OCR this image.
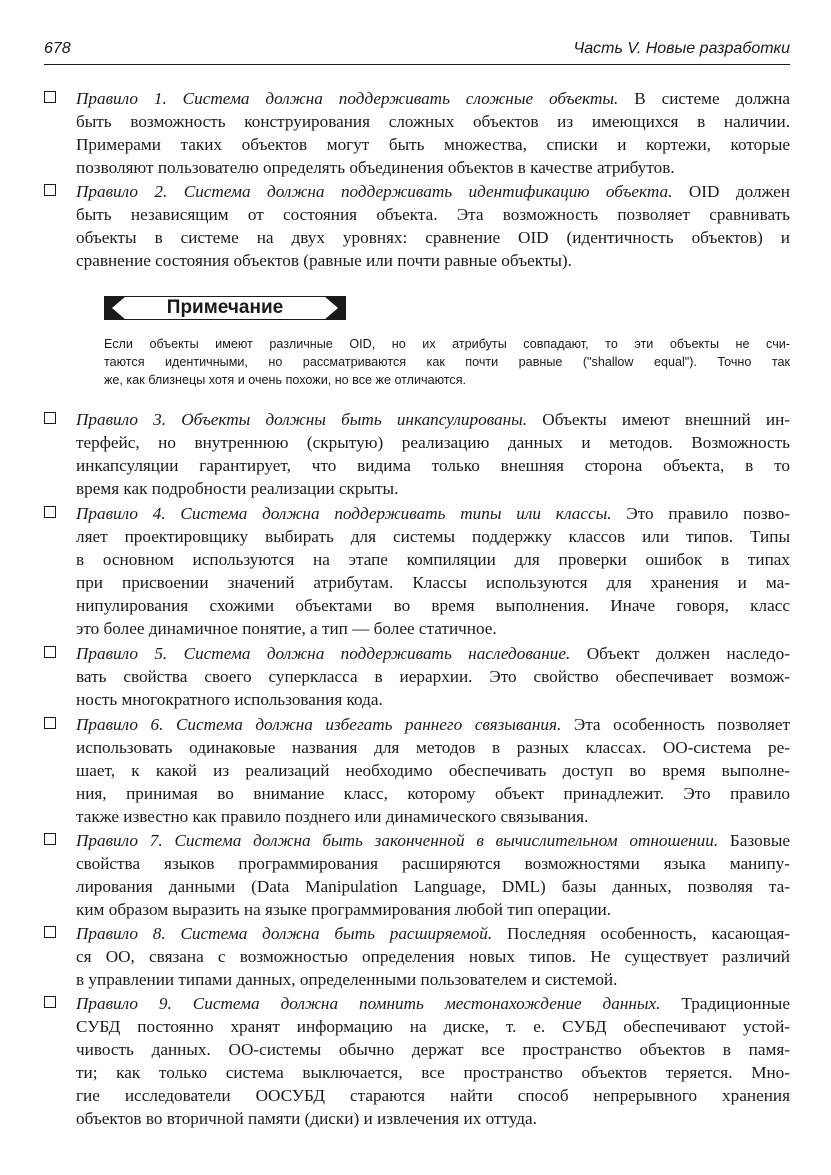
678	Часть V. Новые разработки
Правило 1. Система должна поддерживать сложные объекты. В системе должна
быть возможность конструирования сложных объектов из имеющихся в наличии.
Примерами таких объектов могут быть множества, списки и кортежи, которые
позволяют пользователю определять объединения объектов в качестве атрибутов.
Правило 2. Система должна поддерживать идентификацию объекта. OID должен
быть независящим от состояния объекта. Эта возможность позволяет сравнивать
объекты в системе на двух уровнях: сравнение OID (идентичность объектов) и
сравнение состояния объектов (равные или почти равные объекты).
Примечание
Если объекты имеют различные OID, но их атрибуты совпадают, то эти объекты не счи-
таются идентичными, но рассматриваются как почти равные ("shallow equal"). Точно так
же, как близнецы хотя и очень похожи, но все же отличаются.
Правило 3. Объекты должны быть инкапсулированы. Объекты имеют внешний ин-
терфейс, но внутреннюю (скрытую) реализацию данных и методов. Возможность
инкапсуляции гарантирует, что видима только внешняя сторона объекта, в то
время как подробности реализации скрыты.
Правило 4. Система должна поддерживать типы или классы. Это правило позво-
ляет проектировщику выбирать для системы поддержку классов или типов. Типы
в основном используются на этапе компиляции для проверки ошибок в типах
при присвоении значений атрибутам. Классы используются для хранения и ма-
нипулирования схожими объектами во время выполнения. Иначе говоря, класс
это более динамичное понятие, а тип — более статичное.
Правило 5. Система должна поддерживать наследование. Объект должен наследо-
вать свойства своего суперкласса в иерархии. Это свойство обеспечивает возмож-
ность многократного использования кода.
Правило 6. Система должна избегать раннего связывания. Эта особенность позволяет
использовать одинаковые названия для методов в разных классах. ОО-система ре-
шает, к какой из реализаций необходимо обеспечивать доступ во время выполне-
ния, принимая во внимание класс, которому объект принадлежит. Это правило
также известно как правило позднего или динамического связывания.
Правило 7. Система должна быть законченной в вычислительном отношении. Базовые
свойства языков программирования расширяются возможностями языка манипу-
лирования данными (Data Manipulation Language, DML) базы данных, позволяя та-
ким образом выразить на языке программирования любой тип операции.
Правило 8. Система должна быть расширяемой. Последняя особенность, касающая-
ся ОО, связана с возможностью определения новых типов. Не существует различий
в управлении типами данных, определенными пользователем и системой.
Правило 9. Система должна помнить местонахождение данных. Традиционные
СУБД постоянно хранят информацию на диске, т. е. СУБД обеспечивают устой-
чивость данных. ОО-системы обычно держат все пространство объектов в памя-
ти; как только система выключается, все пространство объектов теряется. Мно-
гие исследователи ООСУБД стараются найти способ непрерывного хранения
объектов во вторичной памяти (диски) и извлечения их оттуда.
